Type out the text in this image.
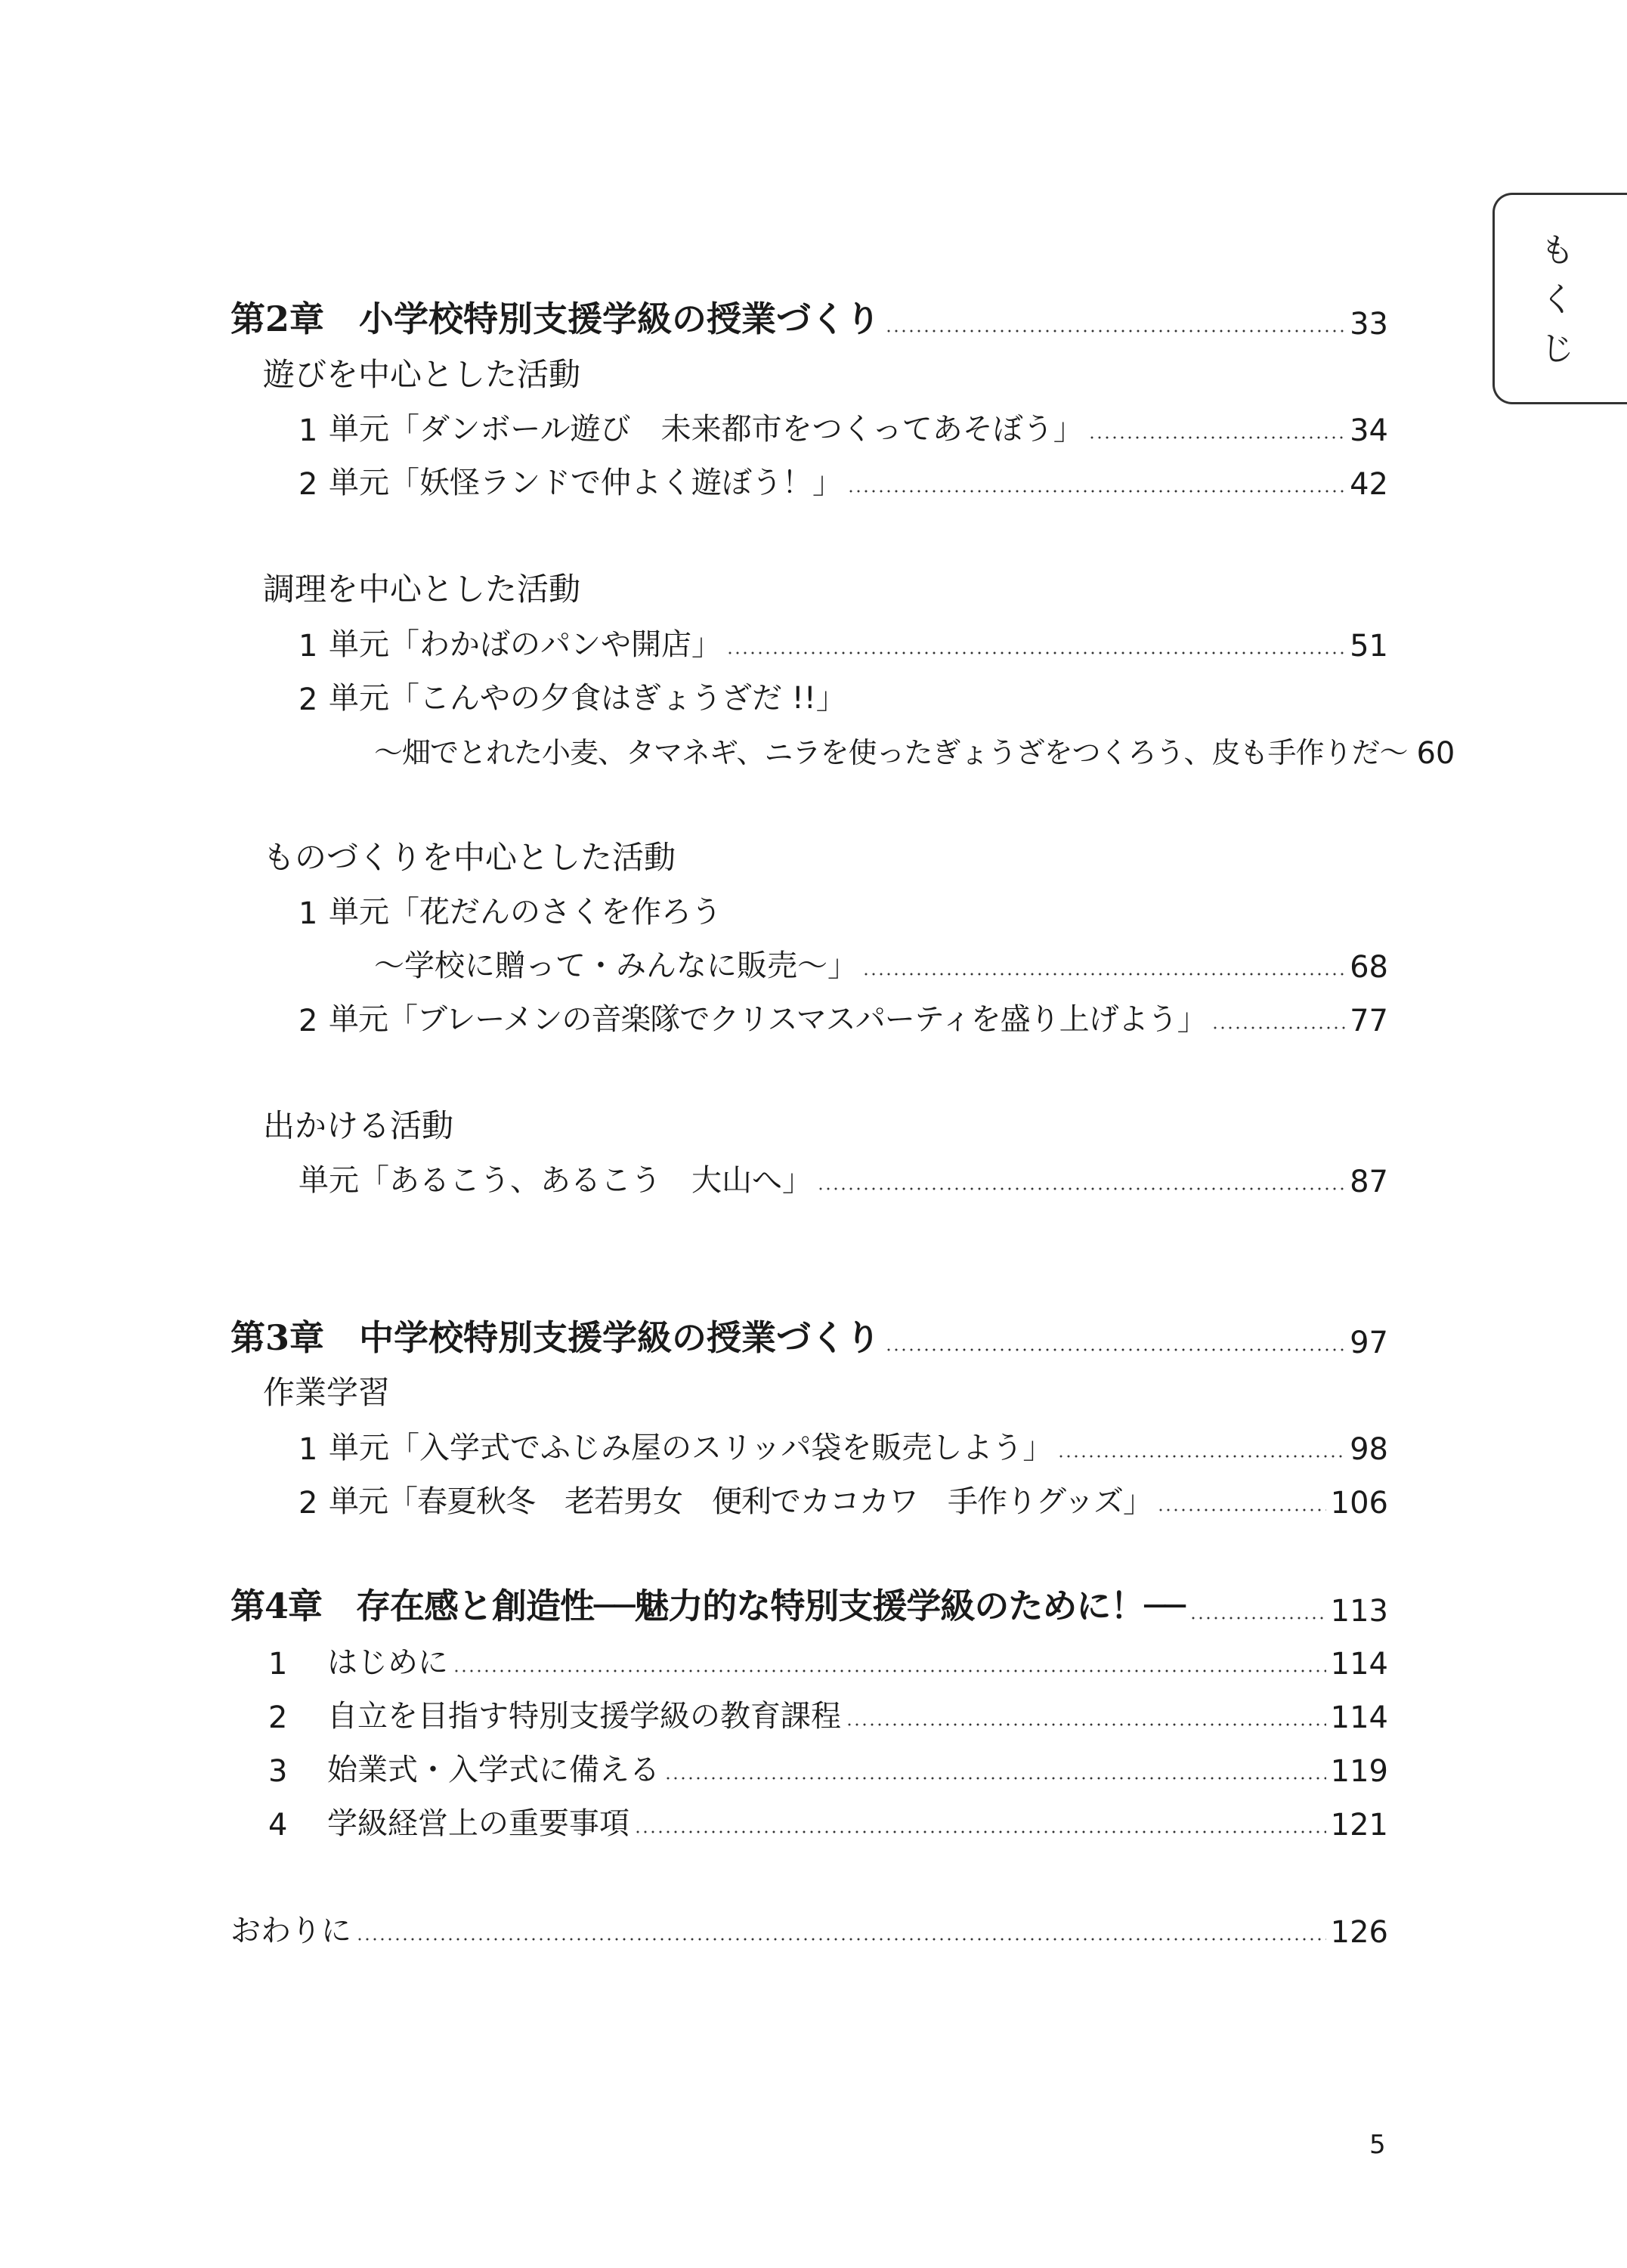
も
く
じ
第2章　小学校特別支援学級の授業づくり	33
遊びを中心とした活動
1 単元「ダンボール遊び　未来都市をつくってあそぼう」	34
2 単元「妖怪ランドで仲よく遊ぼう！」	42
調理を中心とした活動
1 単元「わかばのパンや開店」	51
2 単元「こんやの夕食はぎょうざだ !!」
～畑でとれた小麦、タマネギ、ニラを使ったぎょうざをつくろう、皮も手作りだ～ 60
ものづくりを中心とした活動
1 単元「花だんのさくを作ろう
～学校に贈って・みんなに販売～」	68
2 単元「ブレーメンの音楽隊でクリスマスパーティを盛り上げよう」	77
出かける活動
単元「あるこう、あるこう　大山へ」	87
第3章　中学校特別支援学級の授業づくり	97
作業学習
1 単元「入学式でふじみ屋のスリッパ袋を販売しよう」	98
2 単元「春夏秋冬　老若男女　便利でカコカワ　手作りグッズ」	106
第4章　存在感と創造性──魅力的な特別支援学級のために！──	113
1	はじめに	114
2	自立を目指す特別支援学級の教育課程	114
3	始業式・入学式に備える	119
4	学級経営上の重要事項	121
おわりに	126
5
